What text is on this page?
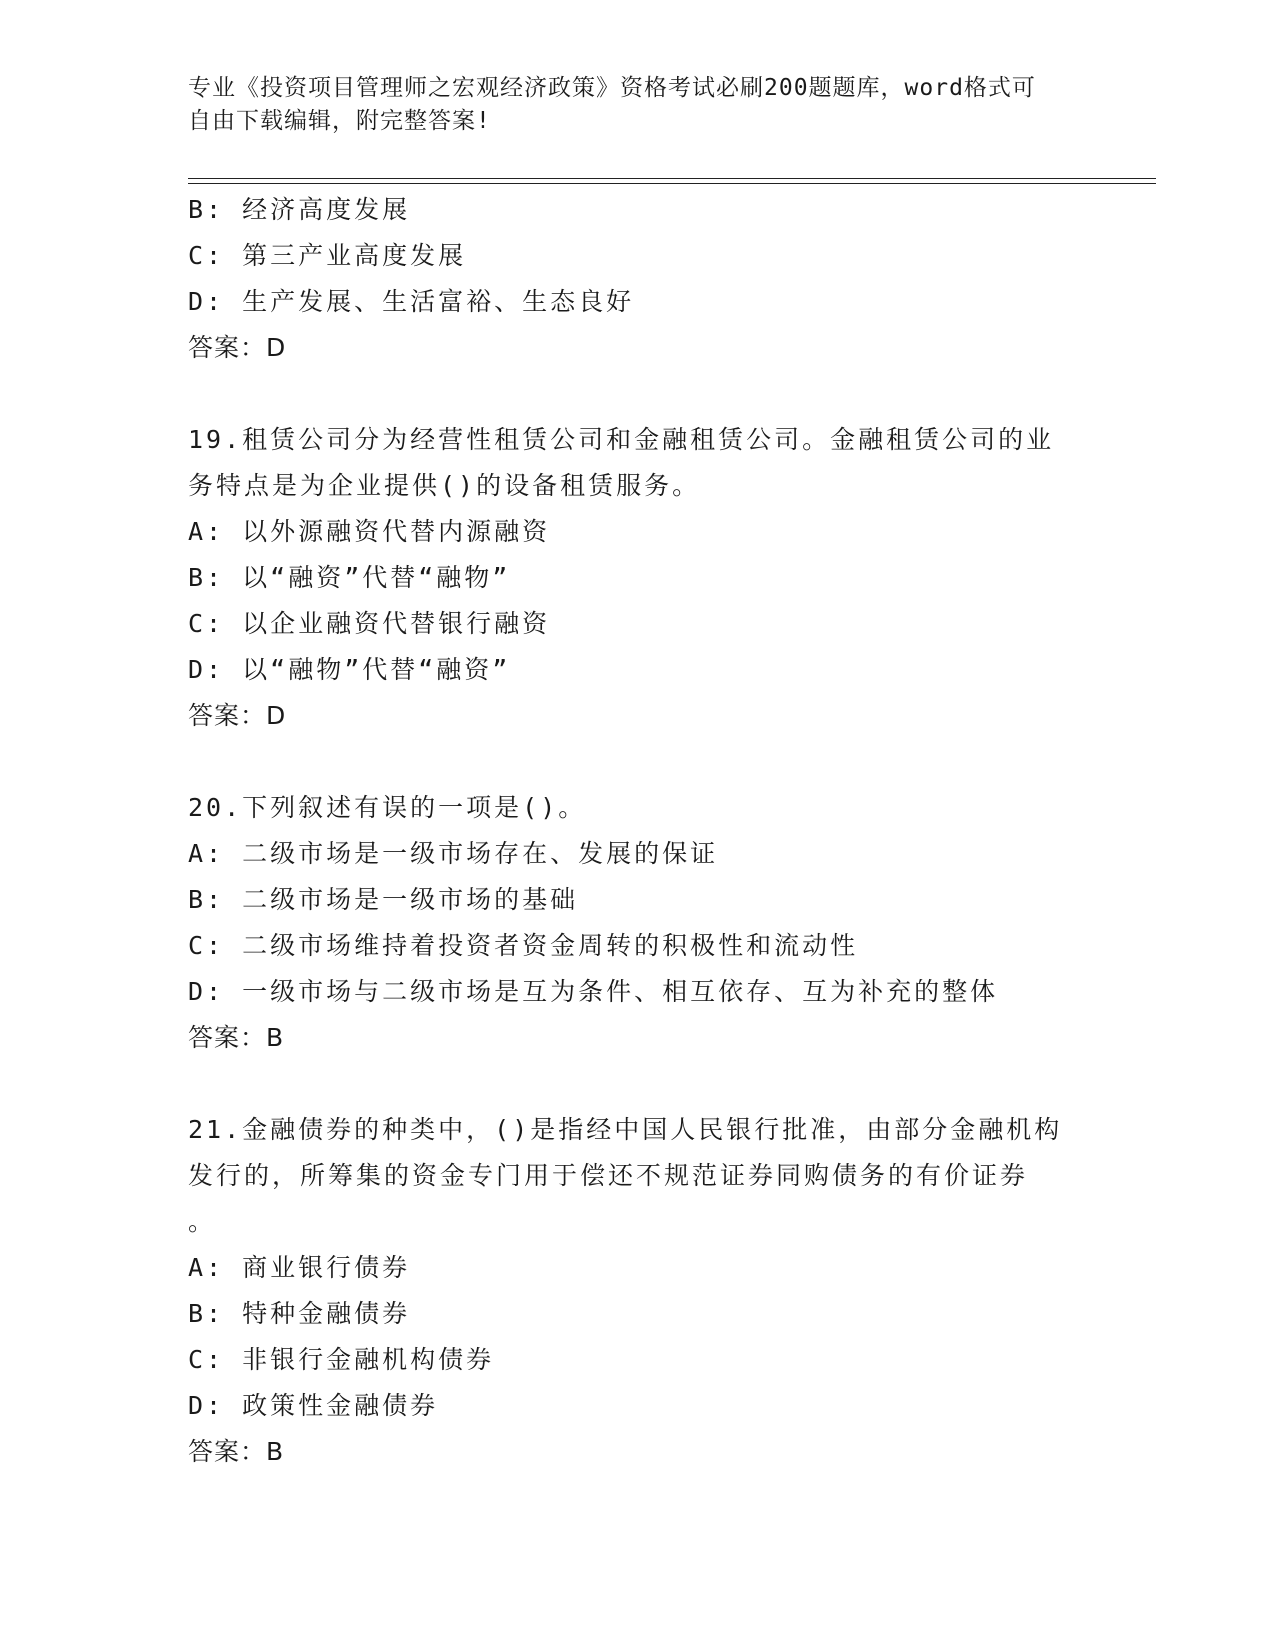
专业《投资项目管理师之宏观经济政策》资格考试必刷200题题库，word格式可
自由下载编辑，附完整答案!
B: 经济高度发展
C: 第三产业高度发展
D: 生产发展、生活富裕、生态良好
答案：D
19.租赁公司分为经营性租赁公司和金融租赁公司。金融租赁公司的业
务特点是为企业提供()的设备租赁服务。
A: 以外源融资代替内源融资
B: 以“融资”代替“融物”
C: 以企业融资代替银行融资
D: 以“融物”代替“融资”
答案：D
20.下列叙述有误的一项是()。
A: 二级市场是一级市场存在、发展的保证
B: 二级市场是一级市场的基础
C: 二级市场维持着投资者资金周转的积极性和流动性
D: 一级市场与二级市场是互为条件、相互依存、互为补充的整体
答案：B
21.金融债券的种类中，()是指经中国人民银行批准，由部分金融机构
发行的，所筹集的资金专门用于偿还不规范证券同购债务的有价证券
。
A: 商业银行债券
B: 特种金融债券
C: 非银行金融机构债券
D: 政策性金融债券
答案：B
